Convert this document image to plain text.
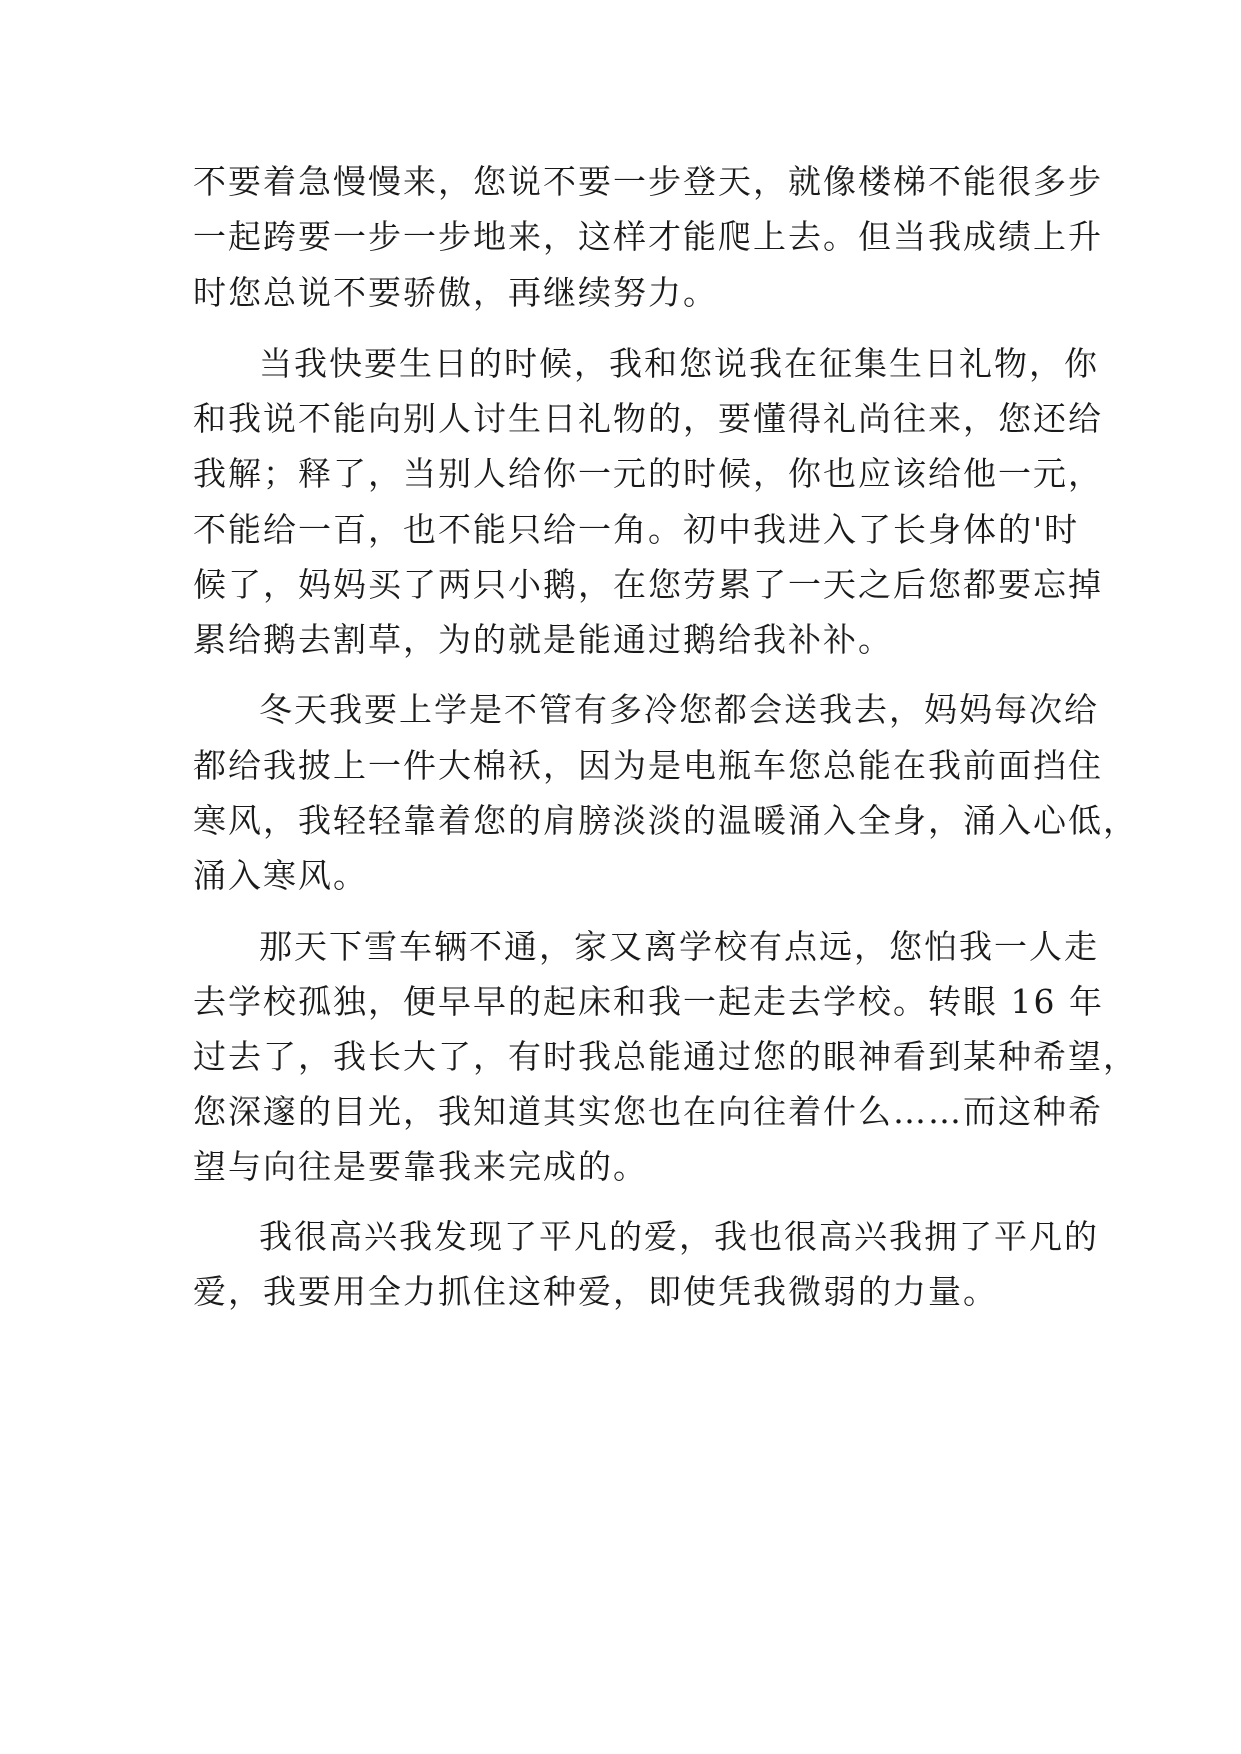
不要着急慢慢来，您说不要一步登天，就像楼梯不能很多步
一起跨要一步一步地来，这样才能爬上去。但当我成绩上升
时您总说不要骄傲，再继续努力。
当我快要生日的时候，我和您说我在征集生日礼物，你
和我说不能向别人讨生日礼物的，要懂得礼尚往来，您还给
我解；释了，当别人给你一元的时候，你也应该给他一元，
不能给一百，也不能只给一角。初中我进入了长身体的'时
候了，妈妈买了两只小鹅，在您劳累了一天之后您都要忘掉
累给鹅去割草，为的就是能通过鹅给我补补。
冬天我要上学是不管有多冷您都会送我去，妈妈每次给
都给我披上一件大棉袄，因为是电瓶车您总能在我前面挡住
寒风，我轻轻靠着您的肩膀淡淡的温暖涌入全身，涌入心低，
涌入寒风。
那天下雪车辆不通，家又离学校有点远，您怕我一人走
去学校孤独，便早早的起床和我一起走去学校。转眼 16 年
过去了，我长大了，有时我总能通过您的眼神看到某种希望，
您深邃的目光，我知道其实您也在向往着什么……而这种希
望与向往是要靠我来完成的。
我很高兴我发现了平凡的爱，我也很高兴我拥了平凡的
爱，我要用全力抓住这种爱，即使凭我微弱的力量。
